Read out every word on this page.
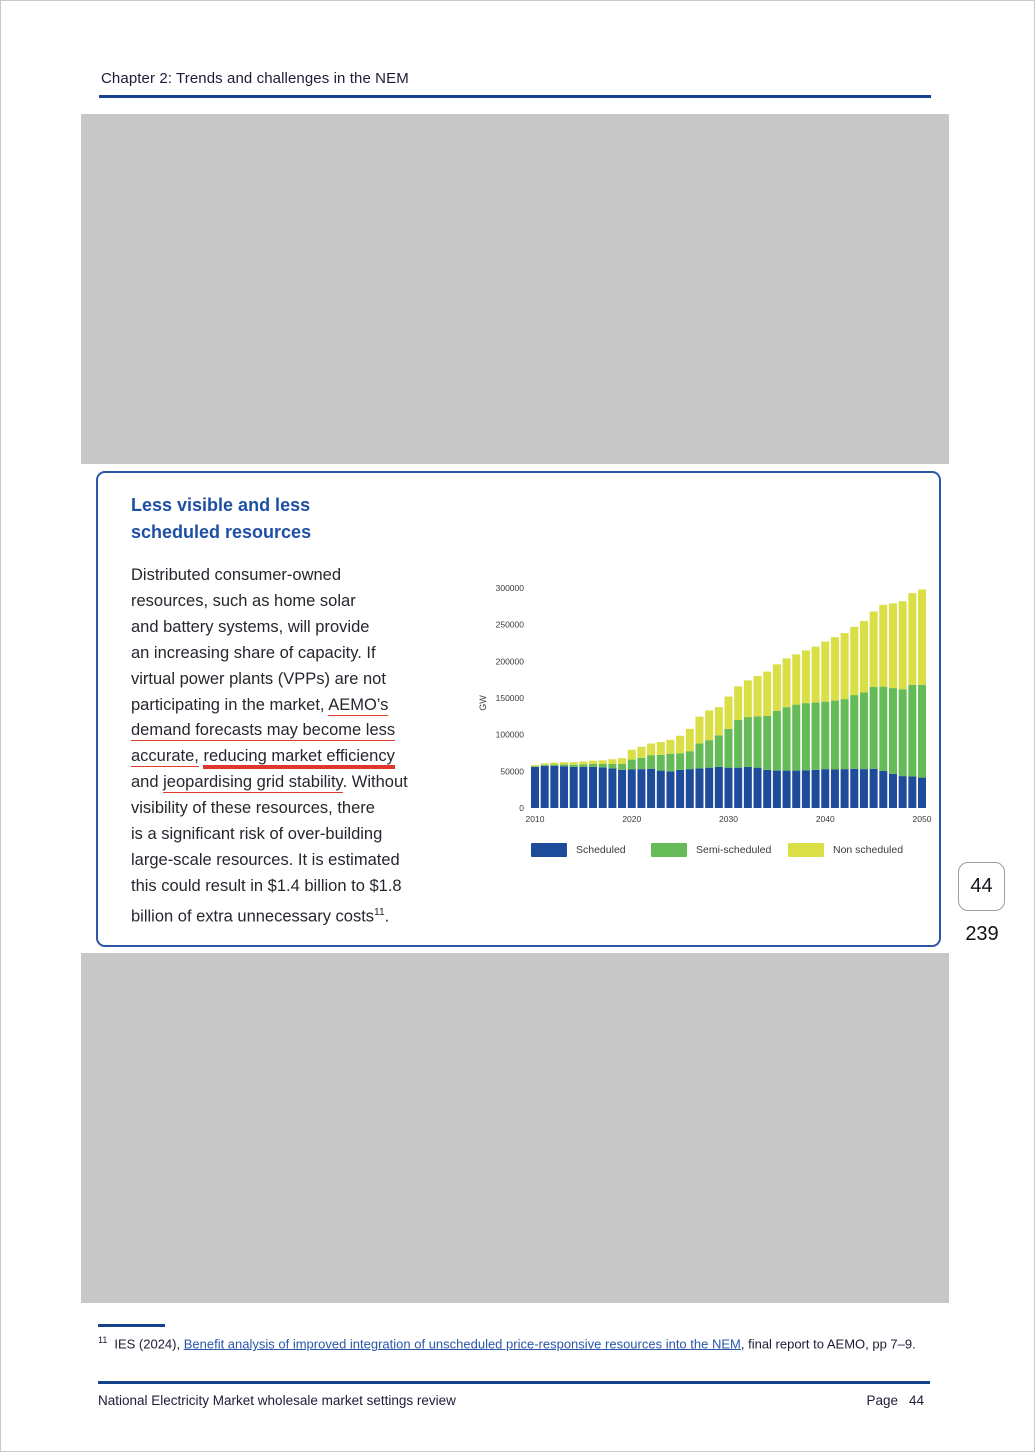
Chapter 2: Trends and challenges in the NEM
Less visible and less
scheduled resources
Distributed consumer-owned
resources, such as home solar
and battery systems, will provide
an increasing share of capacity. If
virtual power plants (VPPs) are not
participating in the market, AEMO’s
demand forecasts may become less
accurate, reducing market efficiency
and jeopardising grid stability. Without
visibility of these resources, there
is a significant risk of over-building
large-scale resources. It is estimated
this could result in $1.4 billion to $1.8
billion of extra unnecessary costs$^{11}$.
0
50000
100000
150000
200000
250000
300000
GW
2010	2020	2030	2040	2050
Scheduled	Semi-scheduled	Non scheduled
44
239
$^{11}$ IES (2024), Benefit analysis of improved integration of unscheduled price-responsive resources into the NEM, final report to AEMO, pp 7–9.
National Electricity Market wholesale market settings review	Page 44
